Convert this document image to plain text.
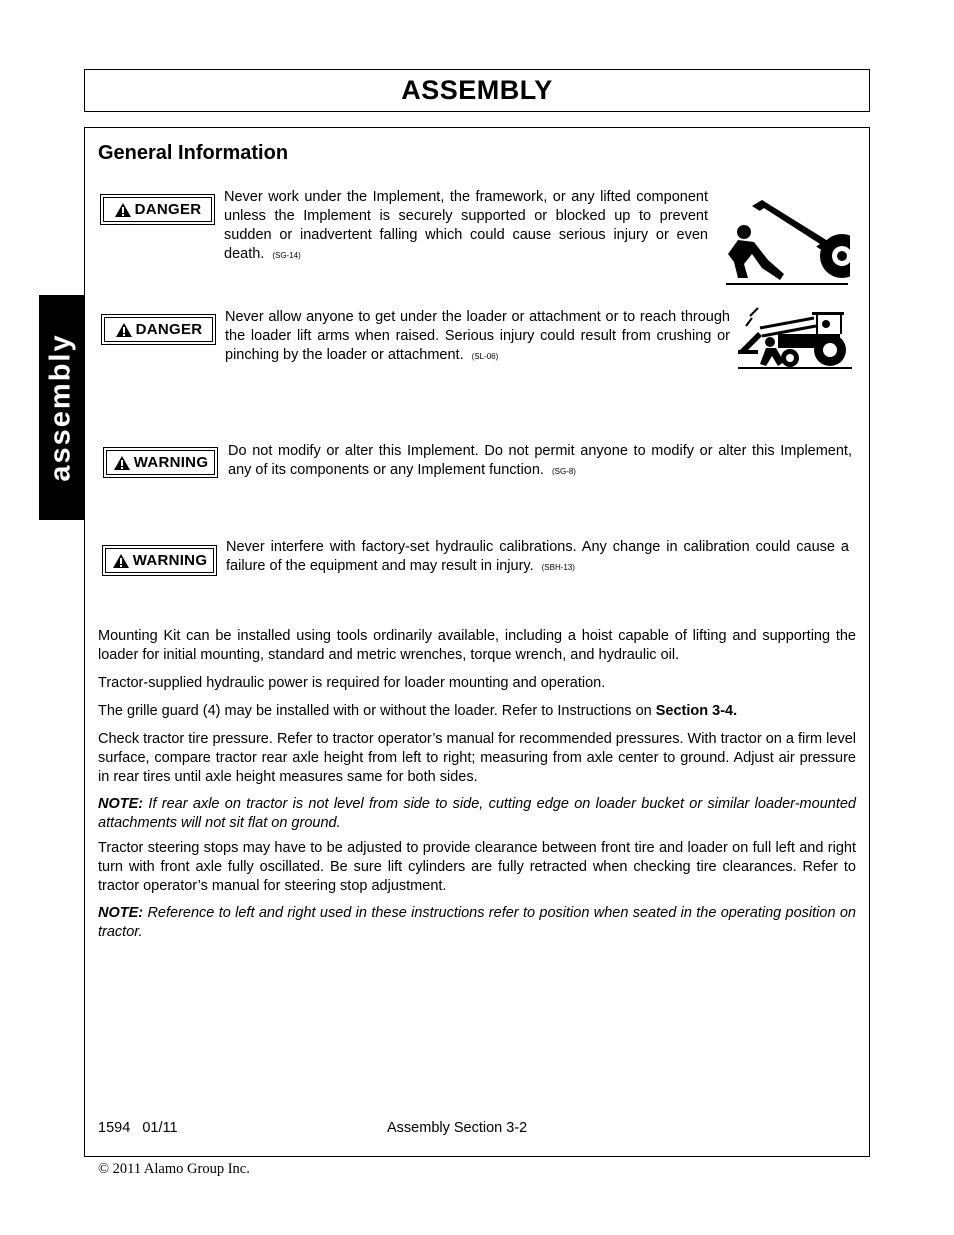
ASSEMBLY
assembly
General Information
DANGER
Never work under the Implement, the framework, or any lifted component unless the Implement is securely supported or blocked up to prevent sudden or inadvertent falling which could cause serious injury or even death. (SG-14)
DANGER
Never allow anyone to get under the loader or attachment or to reach through the loader lift arms when raised. Serious injury could result from crushing or pinching by the loader or attachment. (SL-06)
WARNING
Do not modify or alter this Implement. Do not permit anyone to modify or alter this Implement, any of its components or any Implement function. (SG-8)
WARNING
Never interfere with factory-set hydraulic calibrations. Any change in calibration could cause a failure of the equipment and may result in injury. (SBH-13)
Mounting Kit can be installed using tools ordinarily available, including a hoist capable of lifting and supporting the loader for initial mounting, standard and metric wrenches, torque wrench, and hydraulic oil.
Tractor-supplied hydraulic power is required for loader mounting and operation.
The grille guard (4) may be installed with or without the loader. Refer to Instructions on Section 3-4.
Check tractor tire pressure. Refer to tractor operator’s manual for recommended pressures. With tractor on a firm level surface, compare tractor rear axle height from left to right; measuring from axle center to ground. Adjust air pressure in rear tires until axle height measures same for both sides.
NOTE: If rear axle on tractor is not level from side to side, cutting edge on loader bucket or similar loader-mounted attachments will not sit flat on ground.
Tractor steering stops may have to be adjusted to provide clearance between front tire and loader on full left and right turn with front axle fully oscillated. Be sure lift cylinders are fully retracted when checking tire clearances. Refer to tractor operator’s manual for steering stop adjustment.
NOTE: Reference to left and right used in these instructions refer to position when seated in the operating position on tractor.
1594   01/11	Assembly Section 3-2
© 2011 Alamo Group Inc.
